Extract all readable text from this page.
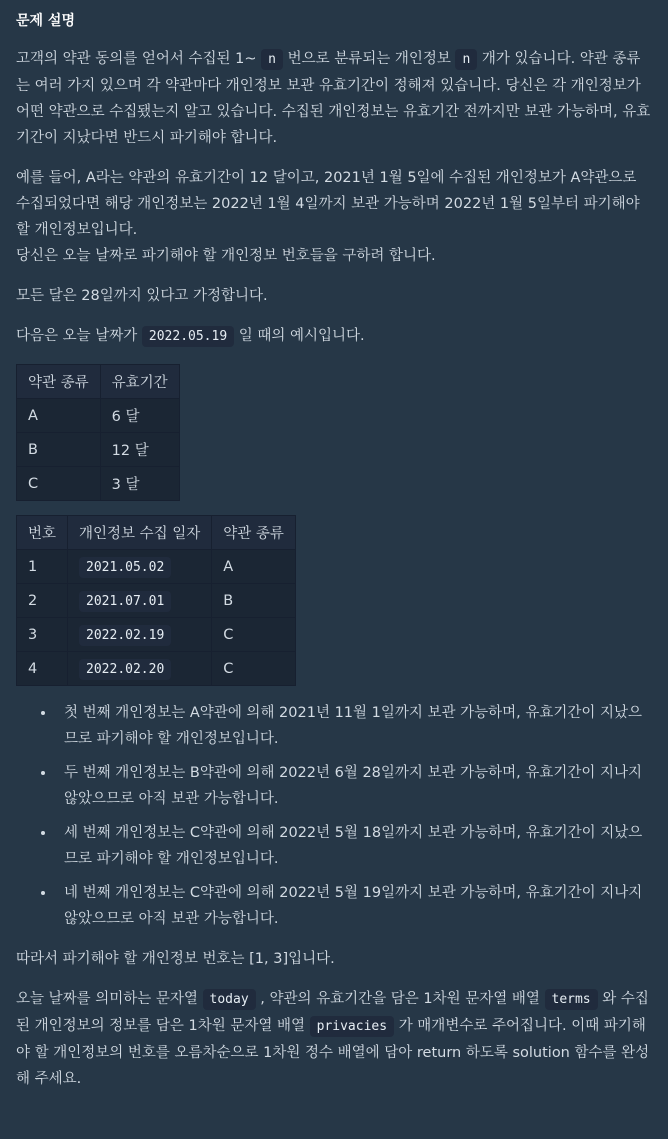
문제 설명

고객의 약관 동의를 얻어서 수집된 1~ n 번으로 분류되는 개인정보 n 개가 있습니다. 약관 종류는 여러 가지 있으며 각 약관마다 개인정보 보관 유효기간이 정해져 있습니다. 당신은 각 개인정보가 어떤 약관으로 수집됐는지 알고 있습니다. 수집된 개인정보는 유효기간 전까지만 보관 가능하며, 유효기간이 지났다면 반드시 파기해야 합니다.

예를 들어, A라는 약관의 유효기간이 12 달이고, 2021년 1월 5일에 수집된 개인정보가 A약관으로 수집되었다면 해당 개인정보는 2022년 1월 4일까지 보관 가능하며 2022년 1월 5일부터 파기해야 할 개인정보입니다.

당신은 오늘 날짜로 파기해야 할 개인정보 번호들을 구하려 합니다.

모든 달은 28일까지 있다고 가정합니다.

다음은 오늘 날짜가 2022.05.19 일 때의 예시입니다.

약관 종류	유효기간
A	6 달
B	12 달
C	3 달
번호	개인정보 수집 일자	약관 종류
1	2021.05.02	A
2	2021.07.01	B
3	2022.02.19	C
4	2022.02.20	C
• 첫 번째 개인정보는 A약관에 의해 2021년 11월 1일까지 보관 가능하며, 유효기간이 지났으므로 파기해야 할 개인정보입니다.
• 두 번째 개인정보는 B약관에 의해 2022년 6월 28일까지 보관 가능하며, 유효기간이 지나지 않았으므로 아직 보관 가능합니다.
• 세 번째 개인정보는 C약관에 의해 2022년 5월 18일까지 보관 가능하며, 유효기간이 지났으므로 파기해야 할 개인정보입니다.
• 네 번째 개인정보는 C약관에 의해 2022년 5월 19일까지 보관 가능하며, 유효기간이 지나지 않았으므로 아직 보관 가능합니다.

따라서 파기해야 할 개인정보 번호는 [1, 3]입니다.

오늘 날짜를 의미하는 문자열 today , 약관의 유효기간을 담은 1차원 문자열 배열 terms 와 수집된 개인정보의 정보를 담은 1차원 문자열 배열 privacies 가 매개변수로 주어집니다. 이때 파기해야 할 개인정보의 번호를 오름차순으로 1차원 정수 배열에 담아 return 하도록 solution 함수를 완성해 주세요.
